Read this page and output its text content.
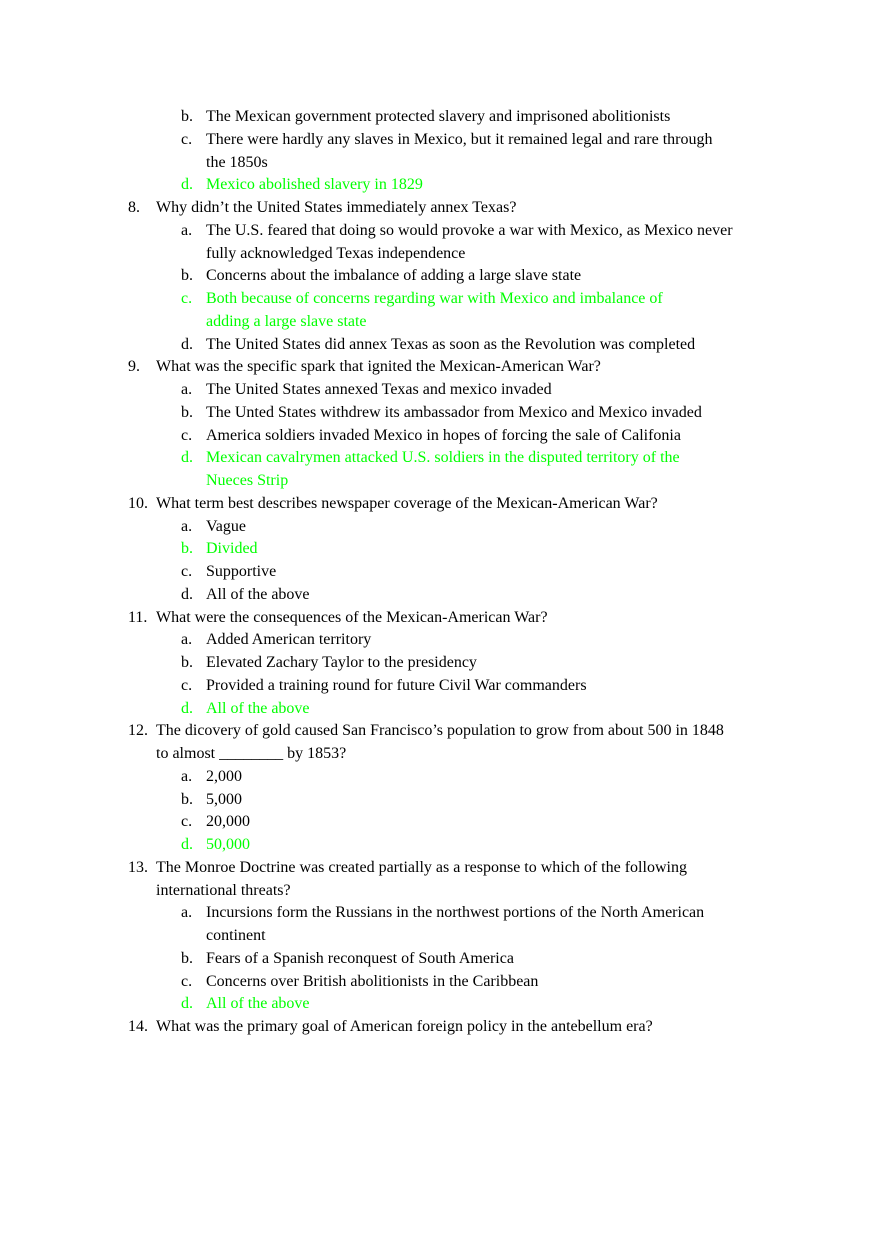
b. The Mexican government protected slavery and imprisoned abolitionists
c. There were hardly any slaves in Mexico, but it remained legal and rare through
the 1850s
d. Mexico abolished slavery in 1829
8. Why didn’t the United States immediately annex Texas?
a. The U.S. feared that doing so would provoke a war with Mexico, as Mexico never
fully acknowledged Texas independence
b. Concerns about the imbalance of adding a large slave state
c. Both because of concerns regarding war with Mexico and imbalance of
adding a large slave state
d. The United States did annex Texas as soon as the Revolution was completed
9. What was the specific spark that ignited the Mexican-American War?
a. The United States annexed Texas and mexico invaded
b. The Unted States withdrew its ambassador from Mexico and Mexico invaded
c. America soldiers invaded Mexico in hopes of forcing the sale of Califonia
d. Mexican cavalrymen attacked U.S. soldiers in the disputed territory of the
Nueces Strip
10. What term best describes newspaper coverage of the Mexican-American War?
a. Vague
b. Divided
c. Supportive
d. All of the above
11. What were the consequences of the Mexican-American War?
a. Added American territory
b. Elevated Zachary Taylor to the presidency
c. Provided a training round for future Civil War commanders
d. All of the above
12. The dicovery of gold caused San Francisco’s population to grow from about 500 in 1848
to almost ________ by 1853?
a. 2,000
b. 5,000
c. 20,000
d. 50,000
13. The Monroe Doctrine was created partially as a response to which of the following
international threats?
a. Incursions form the Russians in the northwest portions of the North American
continent
b. Fears of a Spanish reconquest of South America
c. Concerns over British abolitionists in the Caribbean
d. All of the above
14. What was the primary goal of American foreign policy in the antebellum era?
